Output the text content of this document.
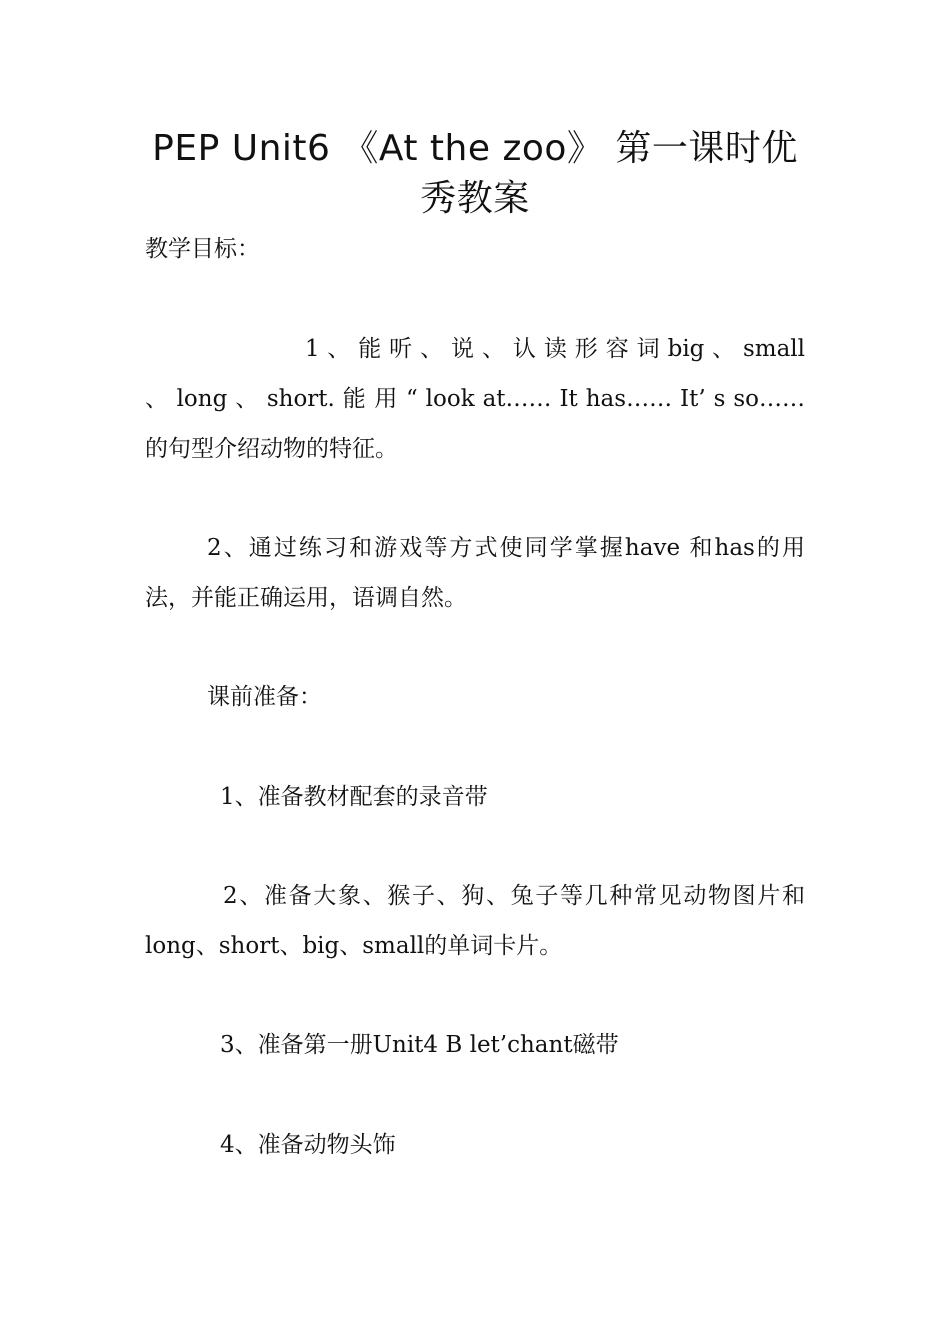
PEP Unit6 《At the zoo》 第一课时优秀教案

教学目标：

1 、 能 听 、 说 、 认 读 形 容 词 big 、 small 、 long 、 short. 能 用 “ look at…… It has…… It’ s so……的句型介绍动物的特征。

2、通过练习和游戏等方式使同学掌握have 和has的用法，并能正确运用，语调自然。

课前准备：

1、准备教材配套的录音带

2、准备大象、猴子、狗、兔子等几种常见动物图片和long、short、big、small的单词卡片。

3、准备第一册Unit4 B let’chant磁带

4、准备动物头饰
